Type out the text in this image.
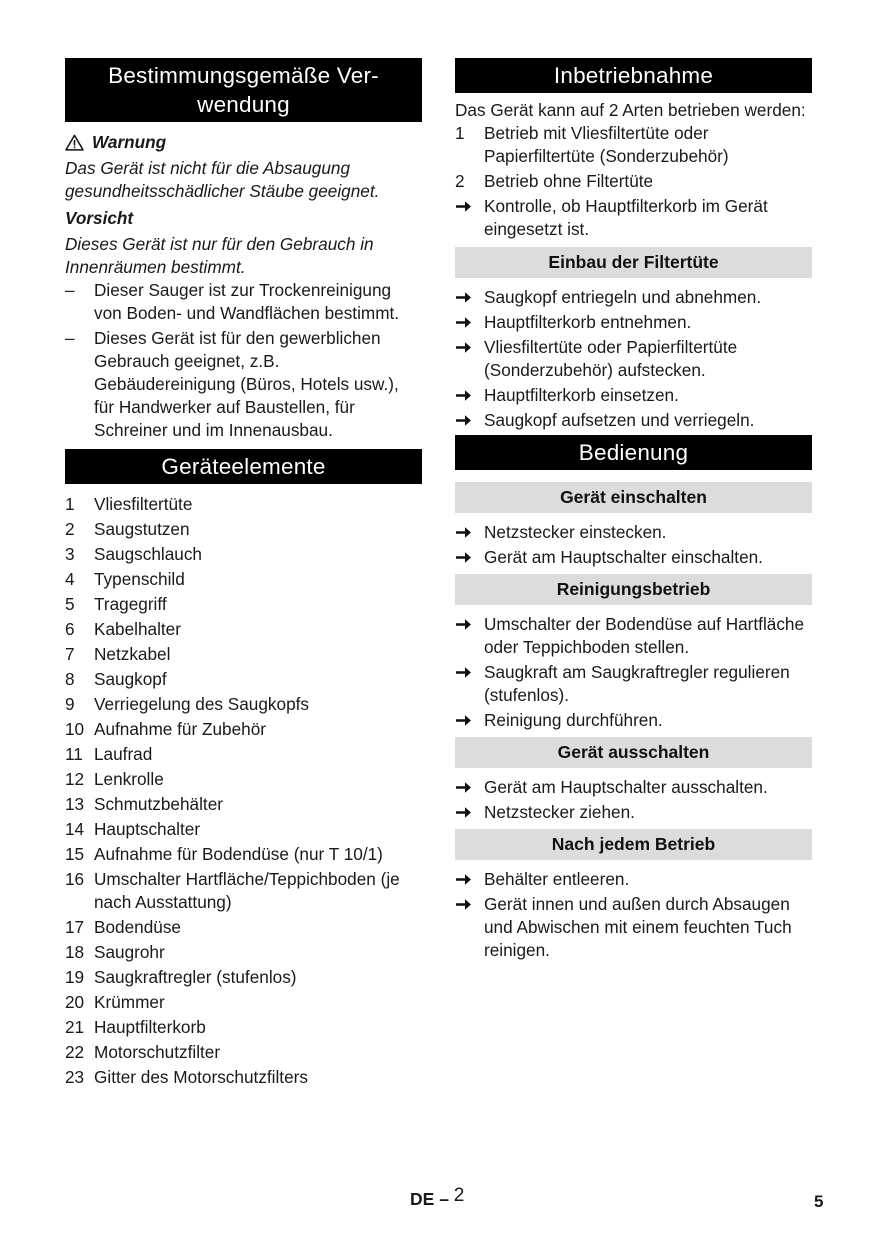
Bestimmungsgemäße Ver-
wendung
Warnung
Das Gerät ist nicht für die Absaugung gesundheitsschädlicher Stäube geeignet.
Vorsicht
Dieses Gerät ist nur für den Gebrauch in Innenräumen bestimmt.
–	Dieser Sauger ist zur Trockenreinigung von Boden- und Wandflächen bestimmt.
–	Dieses Gerät ist für den gewerblichen Gebrauch geeignet, z.B. Gebäudereinigung (Büros, Hotels usw.), für Handwerker auf Baustellen, für Schreiner und im Innenausbau.
Geräteelemente
1	Vliesfiltertüte
2	Saugstutzen
3	Saugschlauch
4	Typenschild
5	Tragegriff
6	Kabelhalter
7	Netzkabel
8	Saugkopf
9	Verriegelung des Saugkopfs
10 Aufnahme für Zubehör
11 Laufrad
12 Lenkrolle
13 Schmutzbehälter
14 Hauptschalter
15 Aufnahme für Bodendüse (nur T 10/1)
16 Umschalter Hartfläche/Teppichboden (je nach Ausstattung)
17 Bodendüse
18 Saugrohr
19 Saugkraftregler (stufenlos)
20 Krümmer
21 Hauptfilterkorb
22 Motorschutzfilter
23 Gitter des Motorschutzfilters
Inbetriebnahme
Das Gerät kann auf 2 Arten betrieben werden:
1	Betrieb mit Vliesfiltertüte oder Papierfiltertüte (Sonderzubehör)
2	Betrieb ohne Filtertüte
Kontrolle, ob Hauptfilterkorb im Gerät eingesetzt ist.
Einbau der Filtertüte
Saugkopf entriegeln und abnehmen.
Hauptfilterkorb entnehmen.
Vliesfiltertüte oder Papierfiltertüte (Sonderzubehör) aufstecken.
Hauptfilterkorb einsetzen.
Saugkopf aufsetzen und verriegeln.
Bedienung
Gerät einschalten
Netzstecker einstecken.
Gerät am Hauptschalter einschalten.
Reinigungsbetrieb
Umschalter der Bodendüse auf Hartfläche oder Teppichboden stellen.
Saugkraft am Saugkraftregler regulieren (stufenlos).
Reinigung durchführen.
Gerät ausschalten
Gerät am Hauptschalter ausschalten.
Netzstecker ziehen.
Nach jedem Betrieb
Behälter entleeren.
Gerät innen und außen durch Absaugen und Abwischen mit einem feuchten Tuch reinigen.
DE – 2	5
